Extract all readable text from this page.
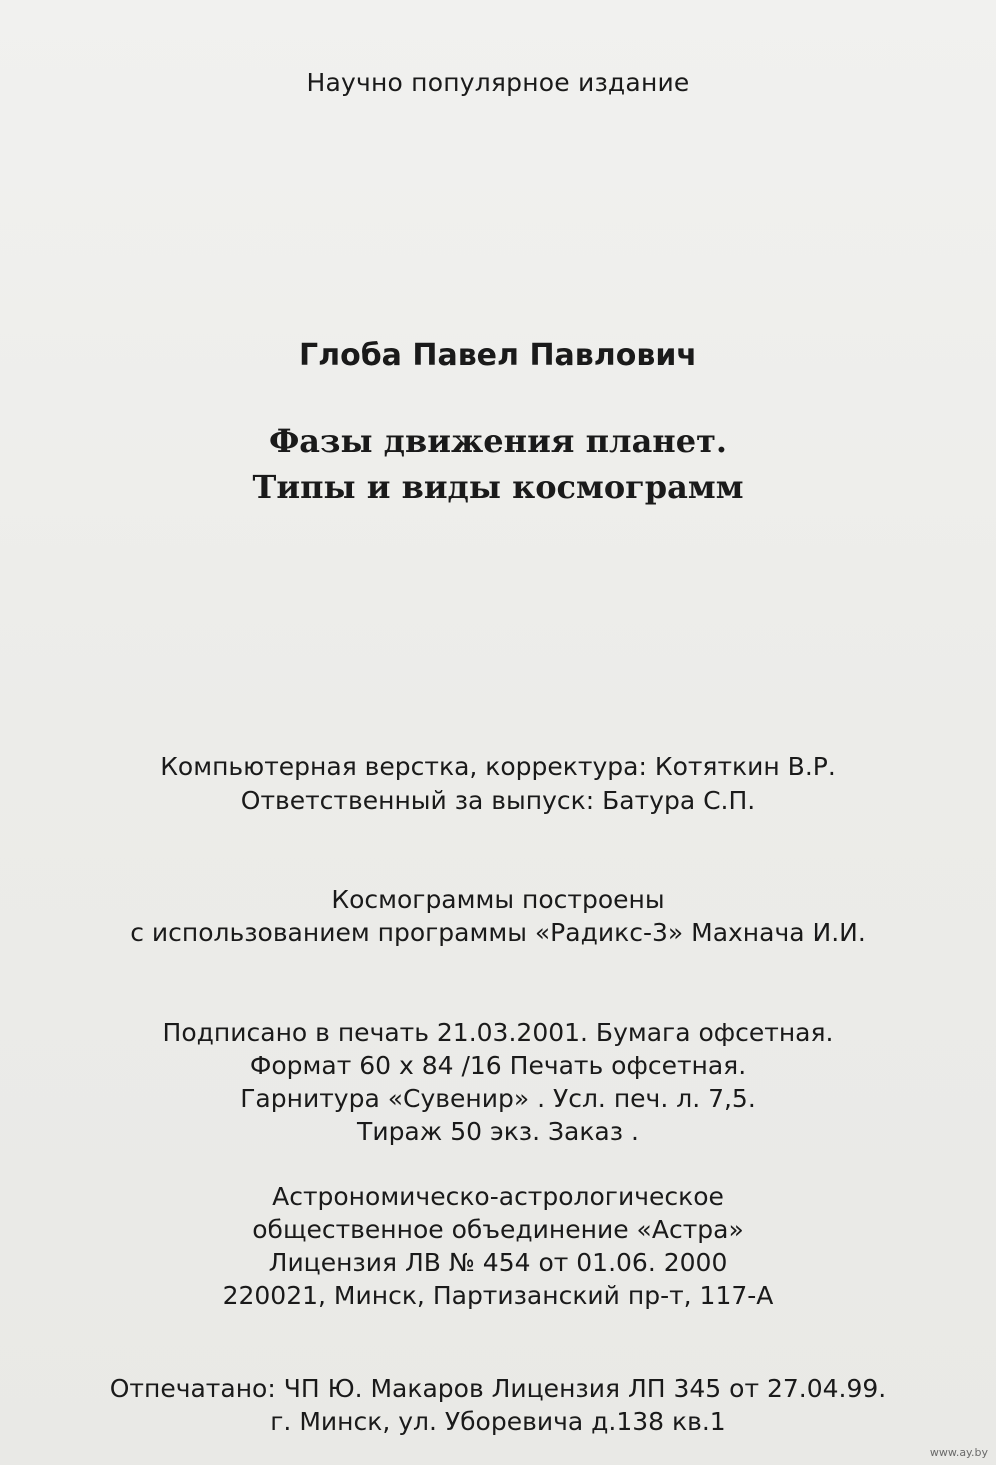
Научно популярное издание
Глоба Павел Павлович
Фазы движения планет.
Типы и виды космограмм
Компьютерная верстка, корректура: Котяткин В.Р.
Ответственный за выпуск: Батура С.П.
Космограммы построены
с использованием программы «Радикс-3» Махнача И.И.
Подписано в печать 21.03.2001. Бумага офсетная.
Формат 60 x 84 /16 Печать офсетная.
Гарнитура «Сувенир» . Усл. печ. л. 7,5.
Тираж 50 экз. Заказ .
Астрономическо-астрологическое
общественное объединение «Астра»
Лицензия ЛВ № 454 от 01.06. 2000
220021, Минск, Партизанский пр-т, 117-А
Отпечатано: ЧП Ю. Макаров Лицензия ЛП 345 от 27.04.99.
г. Минск, ул. Уборевича д.138 кв.1
www.ay.by
